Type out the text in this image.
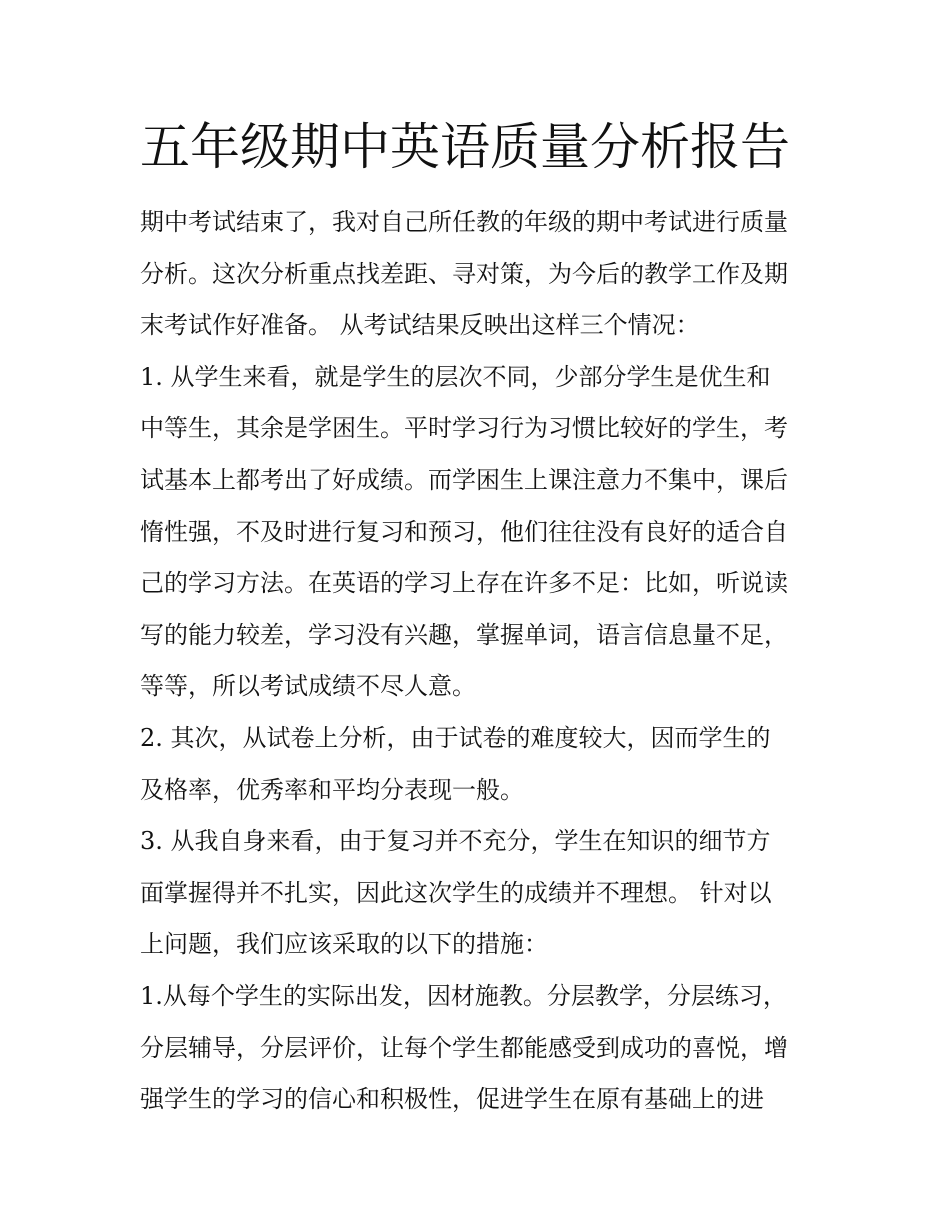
五年级期中英语质量分析报告
期中考试结束了，我对自己所任教的年级的期中考试进行质量
分析。这次分析重点找差距、寻对策，为今后的教学工作及期
末考试作好准备。 从考试结果反映出这样三个情况：
1. 从学生来看，就是学生的层次不同，少部分学生是优生和
中等生，其余是学困生。平时学习行为习惯比较好的学生，考
试基本上都考出了好成绩。而学困生上课注意力不集中，课后
惰性强，不及时进行复习和预习，他们往往没有良好的适合自
己的学习方法。在英语的学习上存在许多不足：比如，听说读
写的能力较差，学习没有兴趣，掌握单词，语言信息量不足，
等等，所以考试成绩不尽人意。
2. 其次，从试卷上分析，由于试卷的难度较大，因而学生的
及格率，优秀率和平均分表现一般。
3. 从我自身来看，由于复习并不充分，学生在知识的细节方
面掌握得并不扎实，因此这次学生的成绩并不理想。 针对以
上问题，我们应该采取的以下的措施：
1.从每个学生的实际出发，因材施教。分层教学，分层练习，
分层辅导，分层评价，让每个学生都能感受到成功的喜悦，增
强学生的学习的信心和积极性，促进学生在原有基础上的进
